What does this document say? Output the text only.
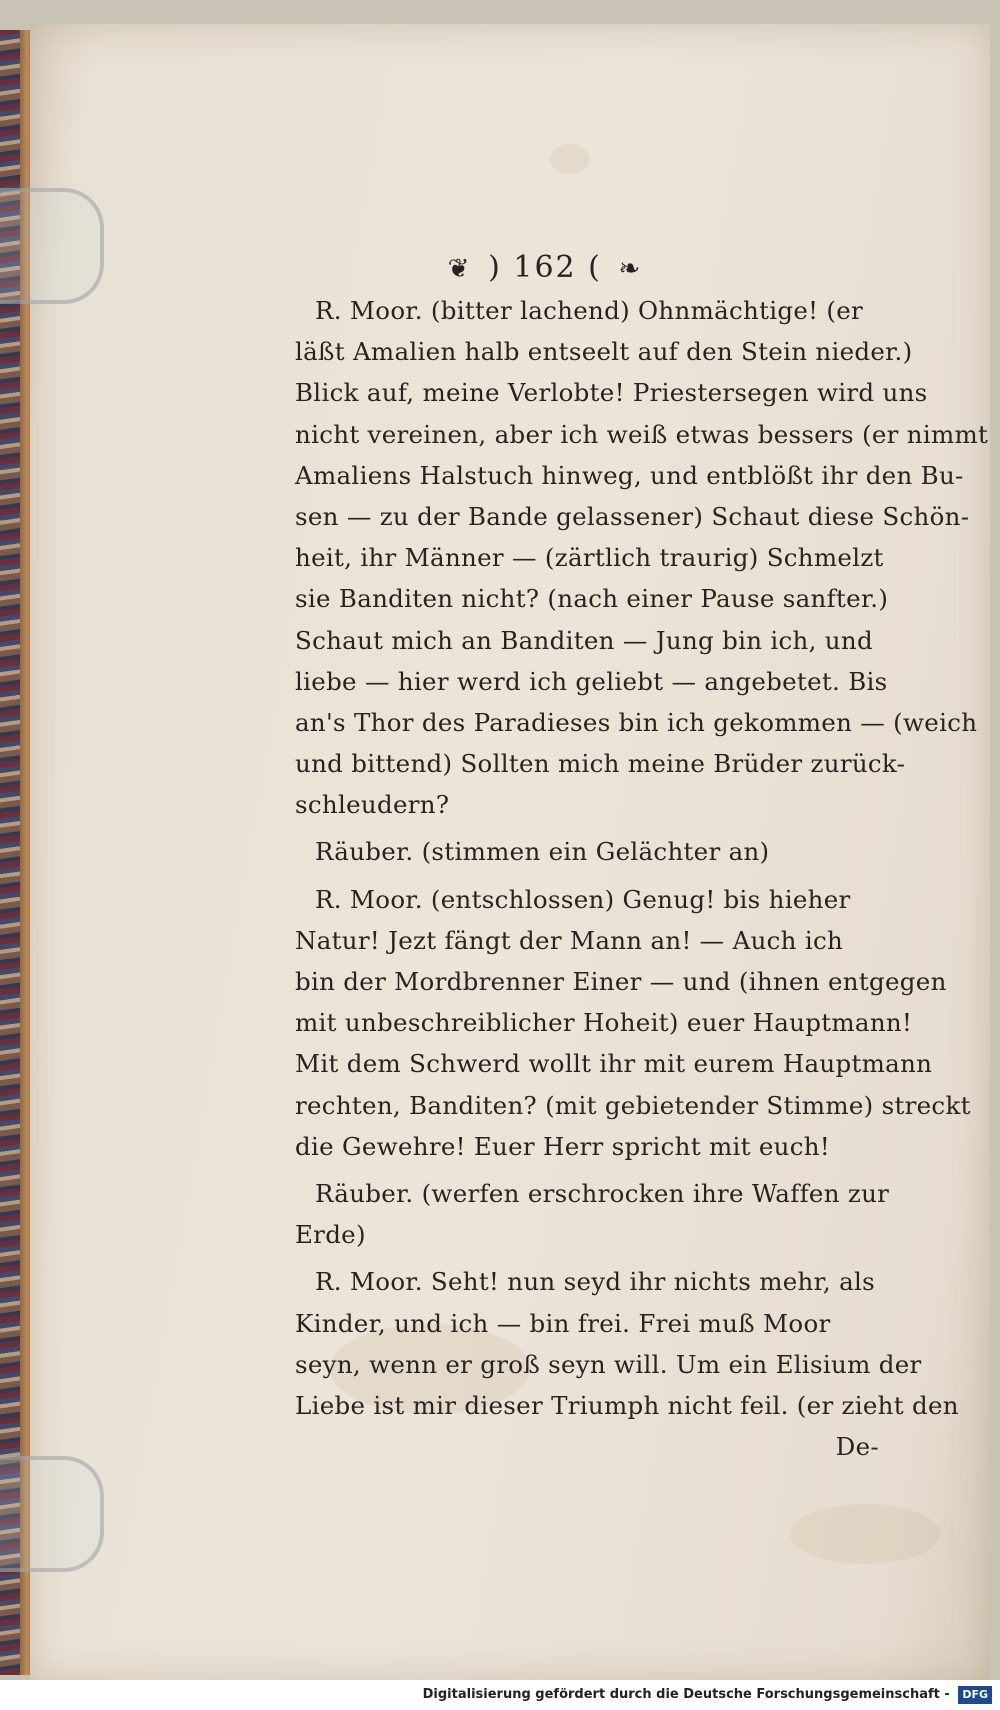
❦ ) 162 ( ❧
R. Moor. (bitter lachend) Ohnmächtige! (er
läßt Amalien halb entseelt auf den Stein nieder.)
Blick auf, meine Verlobte! Priestersegen wird uns
nicht vereinen, aber ich weiß etwas bessers (er nimmt
Amaliens Halstuch hinweg, und entblößt ihr den Bu-
sen — zu der Bande gelassener) Schaut diese Schön-
heit, ihr Männer — (zärtlich traurig) Schmelzt
sie Banditen nicht? (nach einer Pause sanfter.)
Schaut mich an Banditen — Jung bin ich, und
liebe — hier werd ich geliebt — angebetet. Bis
an's Thor des Paradieses bin ich gekommen — (weich
und bittend) Sollten mich meine Brüder zurück-
schleudern?
Räuber. (stimmen ein Gelächter an)
R. Moor. (entschlossen) Genug! bis hieher
Natur! Jezt fängt der Mann an! — Auch ich
bin der Mordbrenner Einer — und (ihnen entgegen
mit unbeschreiblicher Hoheit) euer Hauptmann!
Mit dem Schwerd wollt ihr mit eurem Hauptmann
rechten, Banditen? (mit gebietender Stimme) streckt
die Gewehre! Euer Herr spricht mit euch!
Räuber. (werfen erschrocken ihre Waffen zur
Erde)
R. Moor. Seht! nun seyd ihr nichts mehr, als
Kinder, und ich — bin frei. Frei muß Moor
seyn, wenn er groß seyn will. Um ein Elisium der
Liebe ist mir dieser Triumph nicht feil. (er zieht den
De-
Digitalisierung gefördert durch die Deutsche Forschungsgemeinschaft - DFG
